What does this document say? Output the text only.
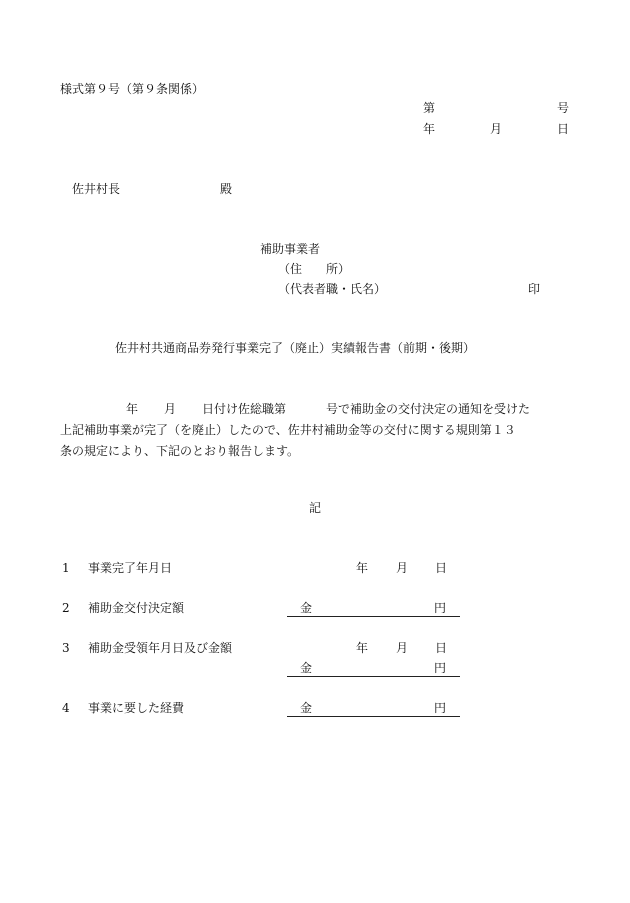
様式第９号（第９条関係）
第	号
年	月	日
佐井村長	殿
補助事業者
（住　　所）
（代表者職・氏名）	印
佐井村共通商品券発行事業完了（廃止）実績報告書（前期・後期）
年 月 日付け佐総職第	号で補助金の交付決定の通知を受けた
上記補助事業が完了（を廃止）したので、佐井村補助金等の交付に関する規則第１３
条の規定により、下記のとおり報告します。
記
1 事業完了年月日	年 月 日
2 補助金交付決定額	金	円
3 補助金受領年月日及び金額	年 月 日
金	円
4 事業に要した経費	金	円
